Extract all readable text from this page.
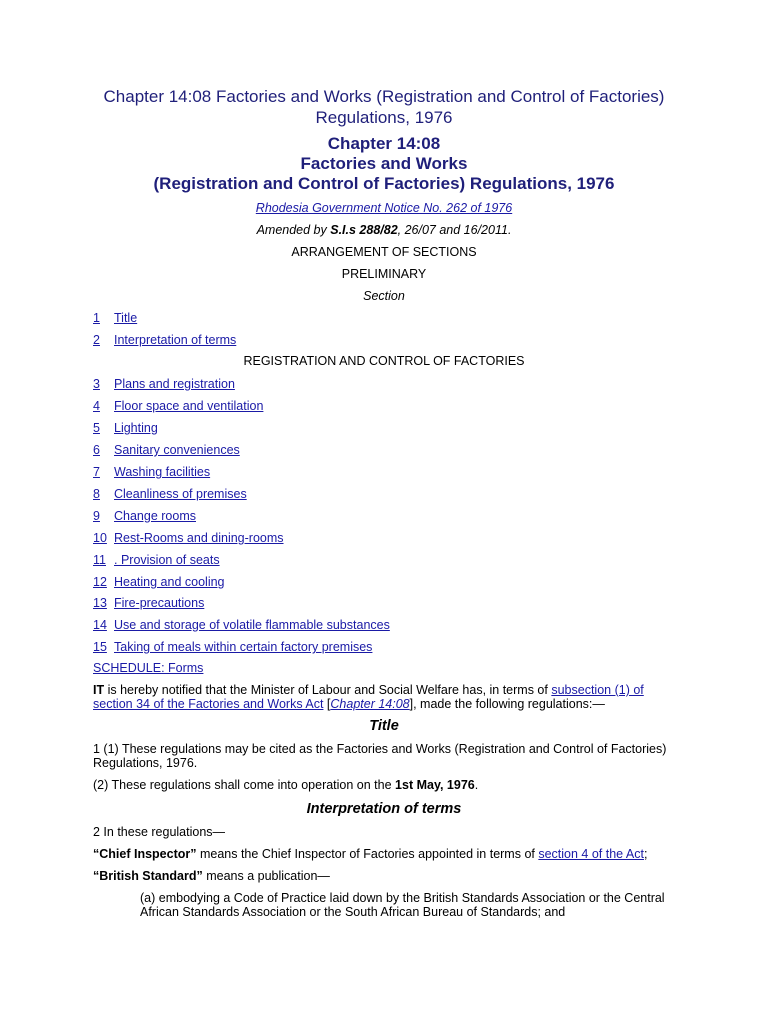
Chapter 14:08 Factories and Works (Registration and Control of Factories) Regulations, 1976
Chapter 14:08
Factories and Works
(Registration and Control of Factories) Regulations, 1976
Rhodesia Government Notice No. 262 of 1976
Amended by S.I.s 288/82, 26/07 and 16/2011.
ARRANGEMENT OF SECTIONS
PRELIMINARY
Section
1 Title
2 Interpretation of terms
REGISTRATION AND CONTROL OF FACTORIES
3 Plans and registration
4 Floor space and ventilation
5 Lighting
6 Sanitary conveniences
7 Washing facilities
8 Cleanliness of premises
9 Change rooms
10 Rest-Rooms and dining-rooms
11 . Provision of seats
12 Heating and cooling
13 Fire-precautions
14 Use and storage of volatile flammable substances
15 Taking of meals within certain factory premises
SCHEDULE: Forms
IT is hereby notified that the Minister of Labour and Social Welfare has, in terms of subsection (1) of section 34 of the Factories and Works Act [Chapter 14:08], made the following regulations:—
Title
1 (1) These regulations may be cited as the Factories and Works (Registration and Control of Factories) Regulations, 1976.
(2) These regulations shall come into operation on the 1st May, 1976.
Interpretation of terms
2 In these regulations—
“Chief Inspector” means the Chief Inspector of Factories appointed in terms of section 4 of the Act;
“British Standard” means a publication—
(a) embodying a Code of Practice laid down by the British Standards Association or the Central African Standards Association or the South African Bureau of Standards; and
